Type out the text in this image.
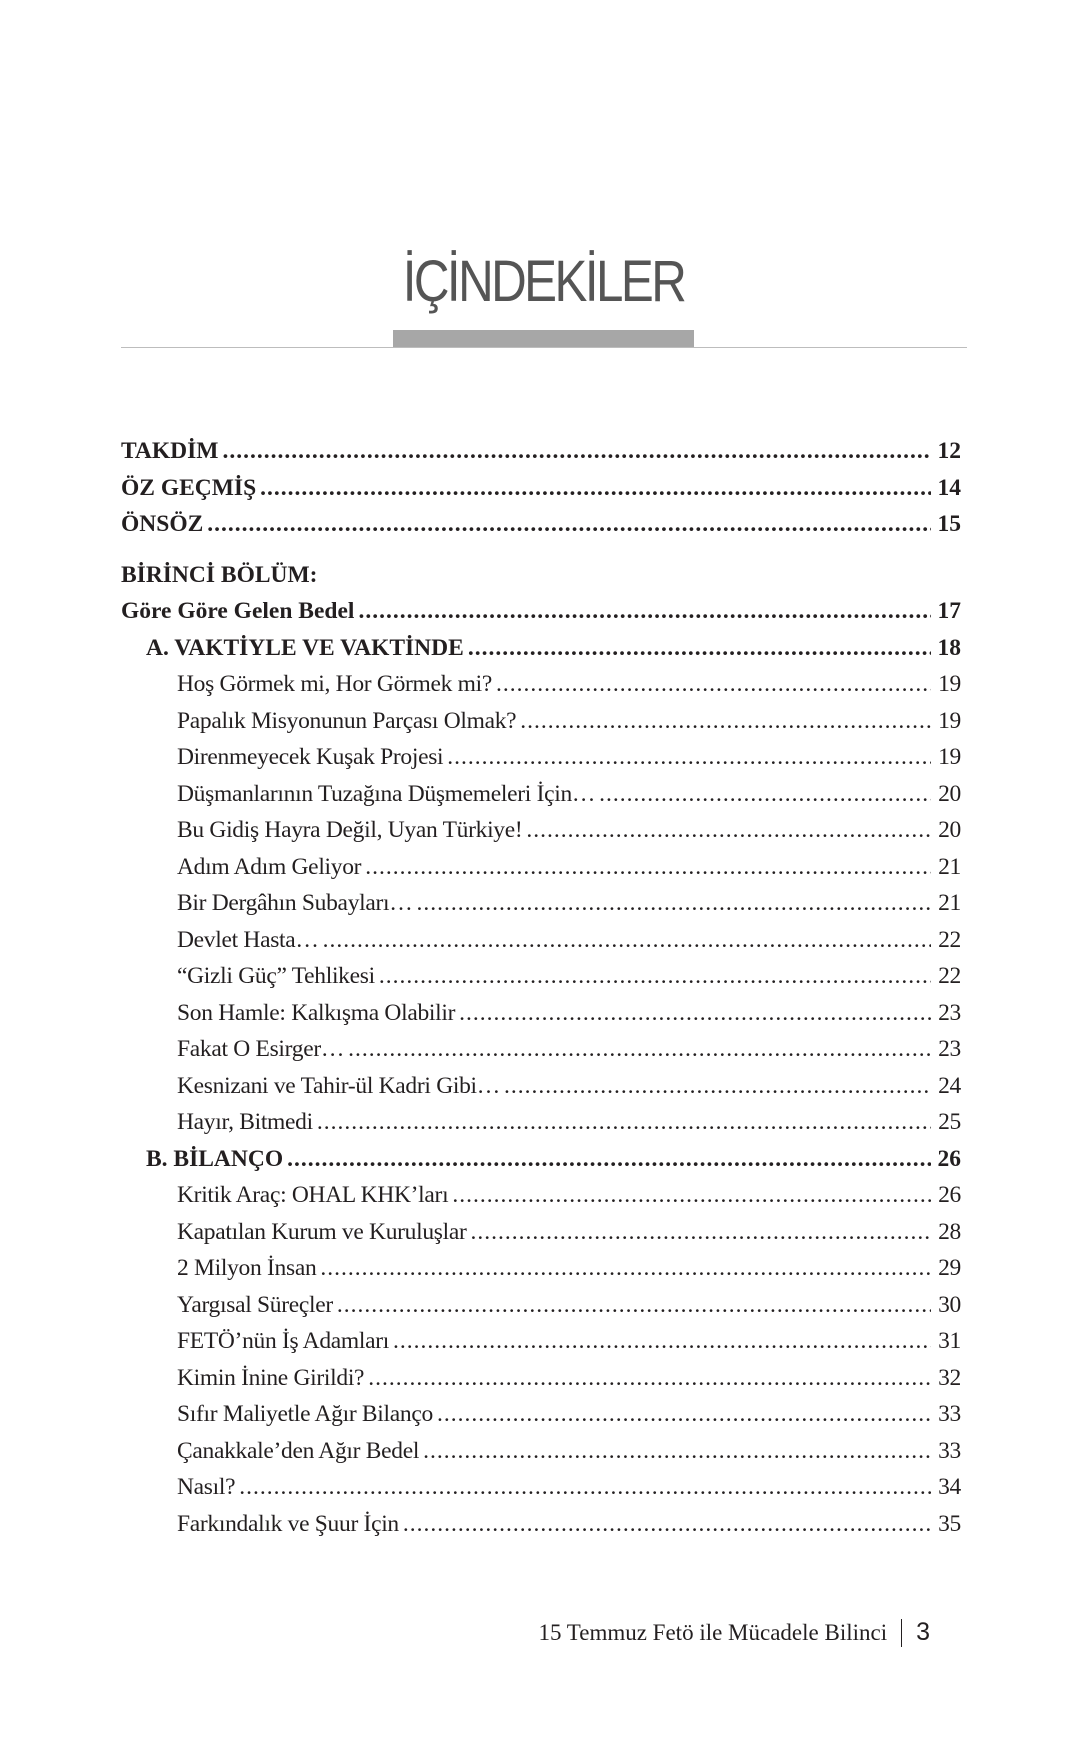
İÇİNDEKİLER
TAKDİM .....	12
ÖZ GEÇMİŞ .....	14
ÖNSÖZ .....	15
BİRİNCİ BÖLÜM:
Göre Göre Gelen Bedel .....	17
A. VAKTİYLE VE VAKTİNDE .....	18
Hoş Görmek mi, Hor Görmek mi? .....	19
Papalık Misyonunun Parçası Olmak? .....	19
Direnmeyecek Kuşak Projesi .....	19
Düşmanlarının Tuzağına Düşmemeleri İçin… .....	20
Bu Gidiş Hayra Değil, Uyan Türkiye! .....	20
Adım Adım Geliyor .....	21
Bir Dergâhın Subayları… .....	21
Devlet Hasta… .....	22
“Gizli Güç” Tehlikesi .....	22
Son Hamle: Kalkışma Olabilir .....	23
Fakat O Esirger… .....	23
Kesnizani ve Tahir-ül Kadri Gibi… .....	24
Hayır, Bitmedi .....	25
B. BİLANÇO .....	26
Kritik Araç: OHAL KHK’ları .....	26
Kapatılan Kurum ve Kuruluşlar .....	28
2 Milyon İnsan .....	29
Yargısal Süreçler .....	30
FETÖ’nün İş Adamları .....	31
Kimin İnine Girildi? .....	32
Sıfır Maliyetle Ağır Bilanço .....	33
Çanakkale’den Ağır Bedel .....	33
Nasıl? .....	34
Farkındalık ve Şuur İçin .....	35
15 Temmuz Fetö ile Mücadele Bilinci 3
